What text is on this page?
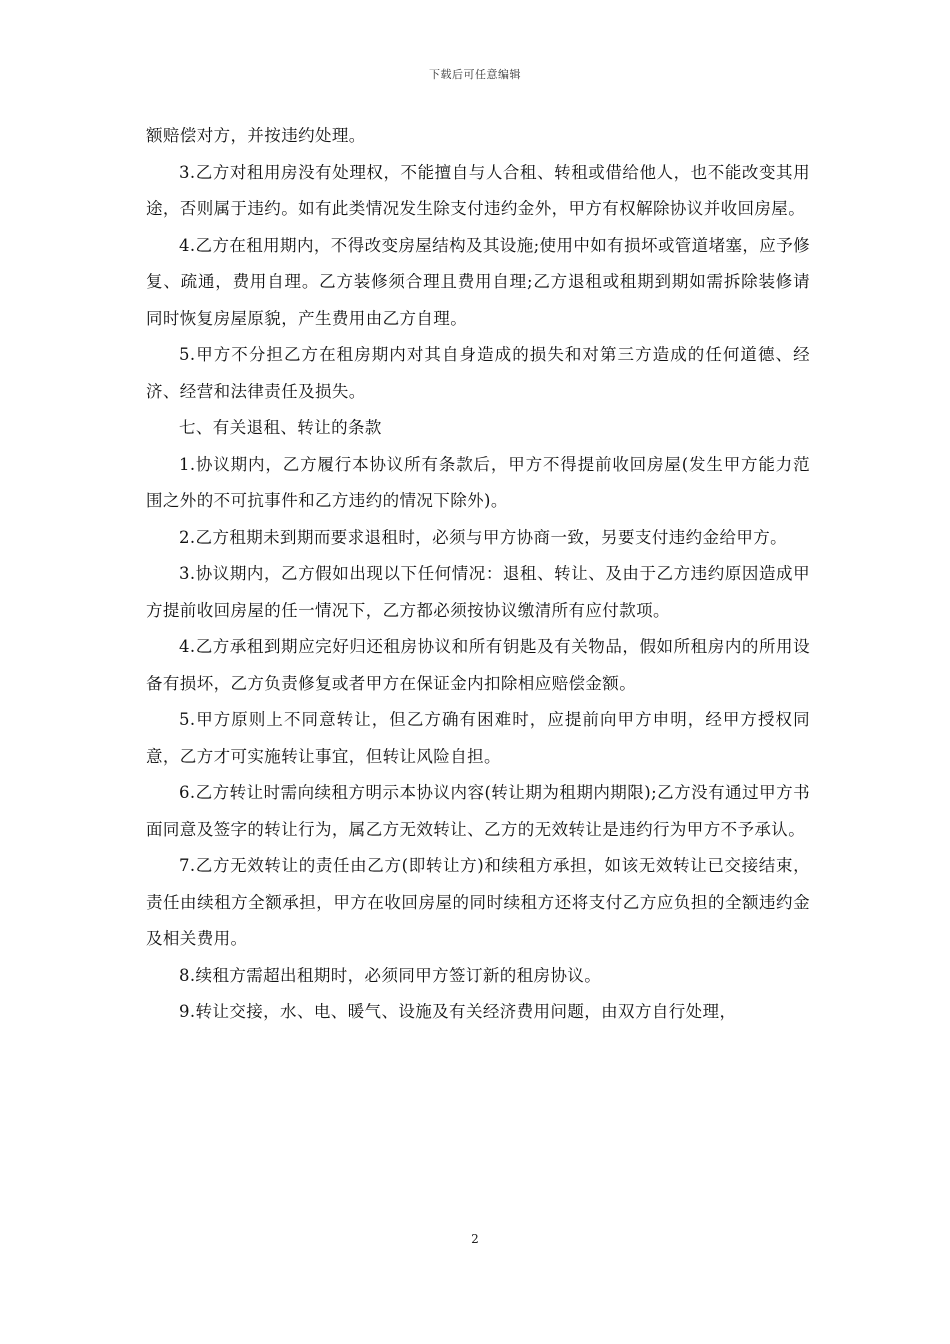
下载后可任意编辑

额赔偿对方，并按违约处理。

3.乙方对租用房没有处理权，不能擅自与人合租、转租或借给他人，也不能改变其用途，否则属于违约。如有此类情况发生除支付违约金外，甲方有权解除协议并收回房屋。

4.乙方在租用期内，不得改变房屋结构及其设施;使用中如有损坏或管道堵塞，应予修复、疏通，费用自理。乙方装修须合理且费用自理;乙方退租或租期到期如需拆除装修请同时恢复房屋原貌，产生费用由乙方自理。

5.甲方不分担乙方在租房期内对其自身造成的损失和对第三方造成的任何道德、经济、经营和法律责任及损失。

七、有关退租、转让的条款

1.协议期内，乙方履行本协议所有条款后，甲方不得提前收回房屋(发生甲方能力范围之外的不可抗事件和乙方违约的情况下除外)。

2.乙方租期未到期而要求退租时，必须与甲方协商一致，另要支付违约金给甲方。

3.协议期内，乙方假如出现以下任何情况：退租、转让、及由于乙方违约原因造成甲方提前收回房屋的任一情况下，乙方都必须按协议缴清所有应付款项。

4.乙方承租到期应完好归还租房协议和所有钥匙及有关物品，假如所租房内的所用设备有损坏，乙方负责修复或者甲方在保证金内扣除相应赔偿金额。

5.甲方原则上不同意转让，但乙方确有困难时，应提前向甲方申明，经甲方授权同意，乙方才可实施转让事宜，但转让风险自担。

6.乙方转让时需向续租方明示本协议内容(转让期为租期内期限);乙方没有通过甲方书面同意及签字的转让行为，属乙方无效转让、乙方的无效转让是违约行为甲方不予承认。

7.乙方无效转让的责任由乙方(即转让方)和续租方承担，如该无效转让已交接结束，责任由续租方全额承担，甲方在收回房屋的同时续租方还将支付乙方应负担的全额违约金及相关费用。

8.续租方需超出租期时，必须同甲方签订新的租房协议。

9.转让交接，水、电、暖气、设施及有关经济费用问题，由双方自行处理，

2
